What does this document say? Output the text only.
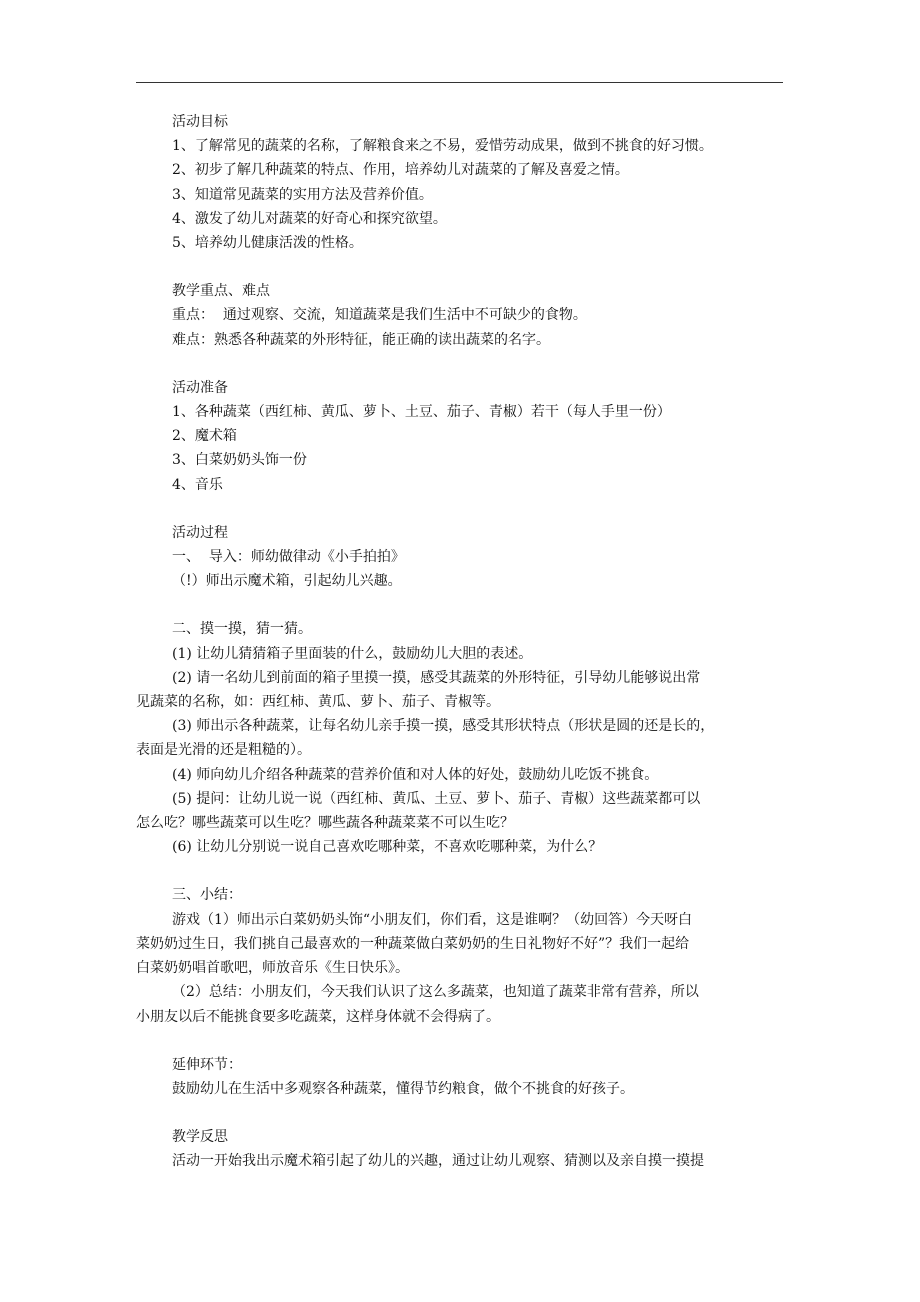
活动目标
1、了解常见的蔬菜的名称，了解粮食来之不易，爱惜劳动成果，做到不挑食的好习惯。
2、初步了解几种蔬菜的特点、作用，培养幼儿对蔬菜的了解及喜爱之情。
3、知道常见蔬菜的实用方法及营养价值。
4、激发了幼儿对蔬菜的好奇心和探究欲望。
5、培养幼儿健康活泼的性格。
教学重点、难点
重点：  通过观察、交流，知道蔬菜是我们生活中不可缺少的食物。
难点：熟悉各种蔬菜的外形特征，能正确的读出蔬菜的名字。
活动准备
1、各种蔬菜（西红柿、黄瓜、萝卜、土豆、茄子、青椒）若干（每人手里一份）
2、魔术箱
3、白菜奶奶头饰一份
4、音乐
活动过程
一、  导入：师幼做律动《小手拍拍》
（!）师出示魔术箱，引起幼儿兴趣。
二、摸一摸，猜一猜。
(1) 让幼儿猜猜箱子里面装的什么，鼓励幼儿大胆的表述。
(2) 请一名幼儿到前面的箱子里摸一摸，感受其蔬菜的外形特征，引导幼儿能够说出常
见蔬菜的名称，如：西红柿、黄瓜、萝卜、茄子、青椒等。
(3) 师出示各种蔬菜，让每名幼儿亲手摸一摸，感受其形状特点（形状是圆的还是长的，
表面是光滑的还是粗糙的）。
(4) 师向幼儿介绍各种蔬菜的营养价值和对人体的好处，鼓励幼儿吃饭不挑食。
(5) 提问：让幼儿说一说（西红柿、黄瓜、土豆、萝卜、茄子、青椒）这些蔬菜都可以
怎么吃？哪些蔬菜可以生吃？哪些蔬各种蔬菜菜不可以生吃？
(6) 让幼儿分别说一说自己喜欢吃哪种菜，不喜欢吃哪种菜，为什么？
三、小结：
游戏（1）师出示白菜奶奶头饰“小朋友们，你们看，这是谁啊？（幼回答）今天呀白
菜奶奶过生日，我们挑自己最喜欢的一种蔬菜做白菜奶奶的生日礼物好不好”？我们一起给
白菜奶奶唱首歌吧，师放音乐《生日快乐》。
（2）总结：小朋友们，今天我们认识了这么多蔬菜，也知道了蔬菜非常有营养，所以
小朋友以后不能挑食要多吃蔬菜，这样身体就不会得病了。
延伸环节：
鼓励幼儿在生活中多观察各种蔬菜，懂得节约粮食，做个不挑食的好孩子。
教学反思
活动一开始我出示魔术箱引起了幼儿的兴趣，通过让幼儿观察、猜测以及亲自摸一摸提
